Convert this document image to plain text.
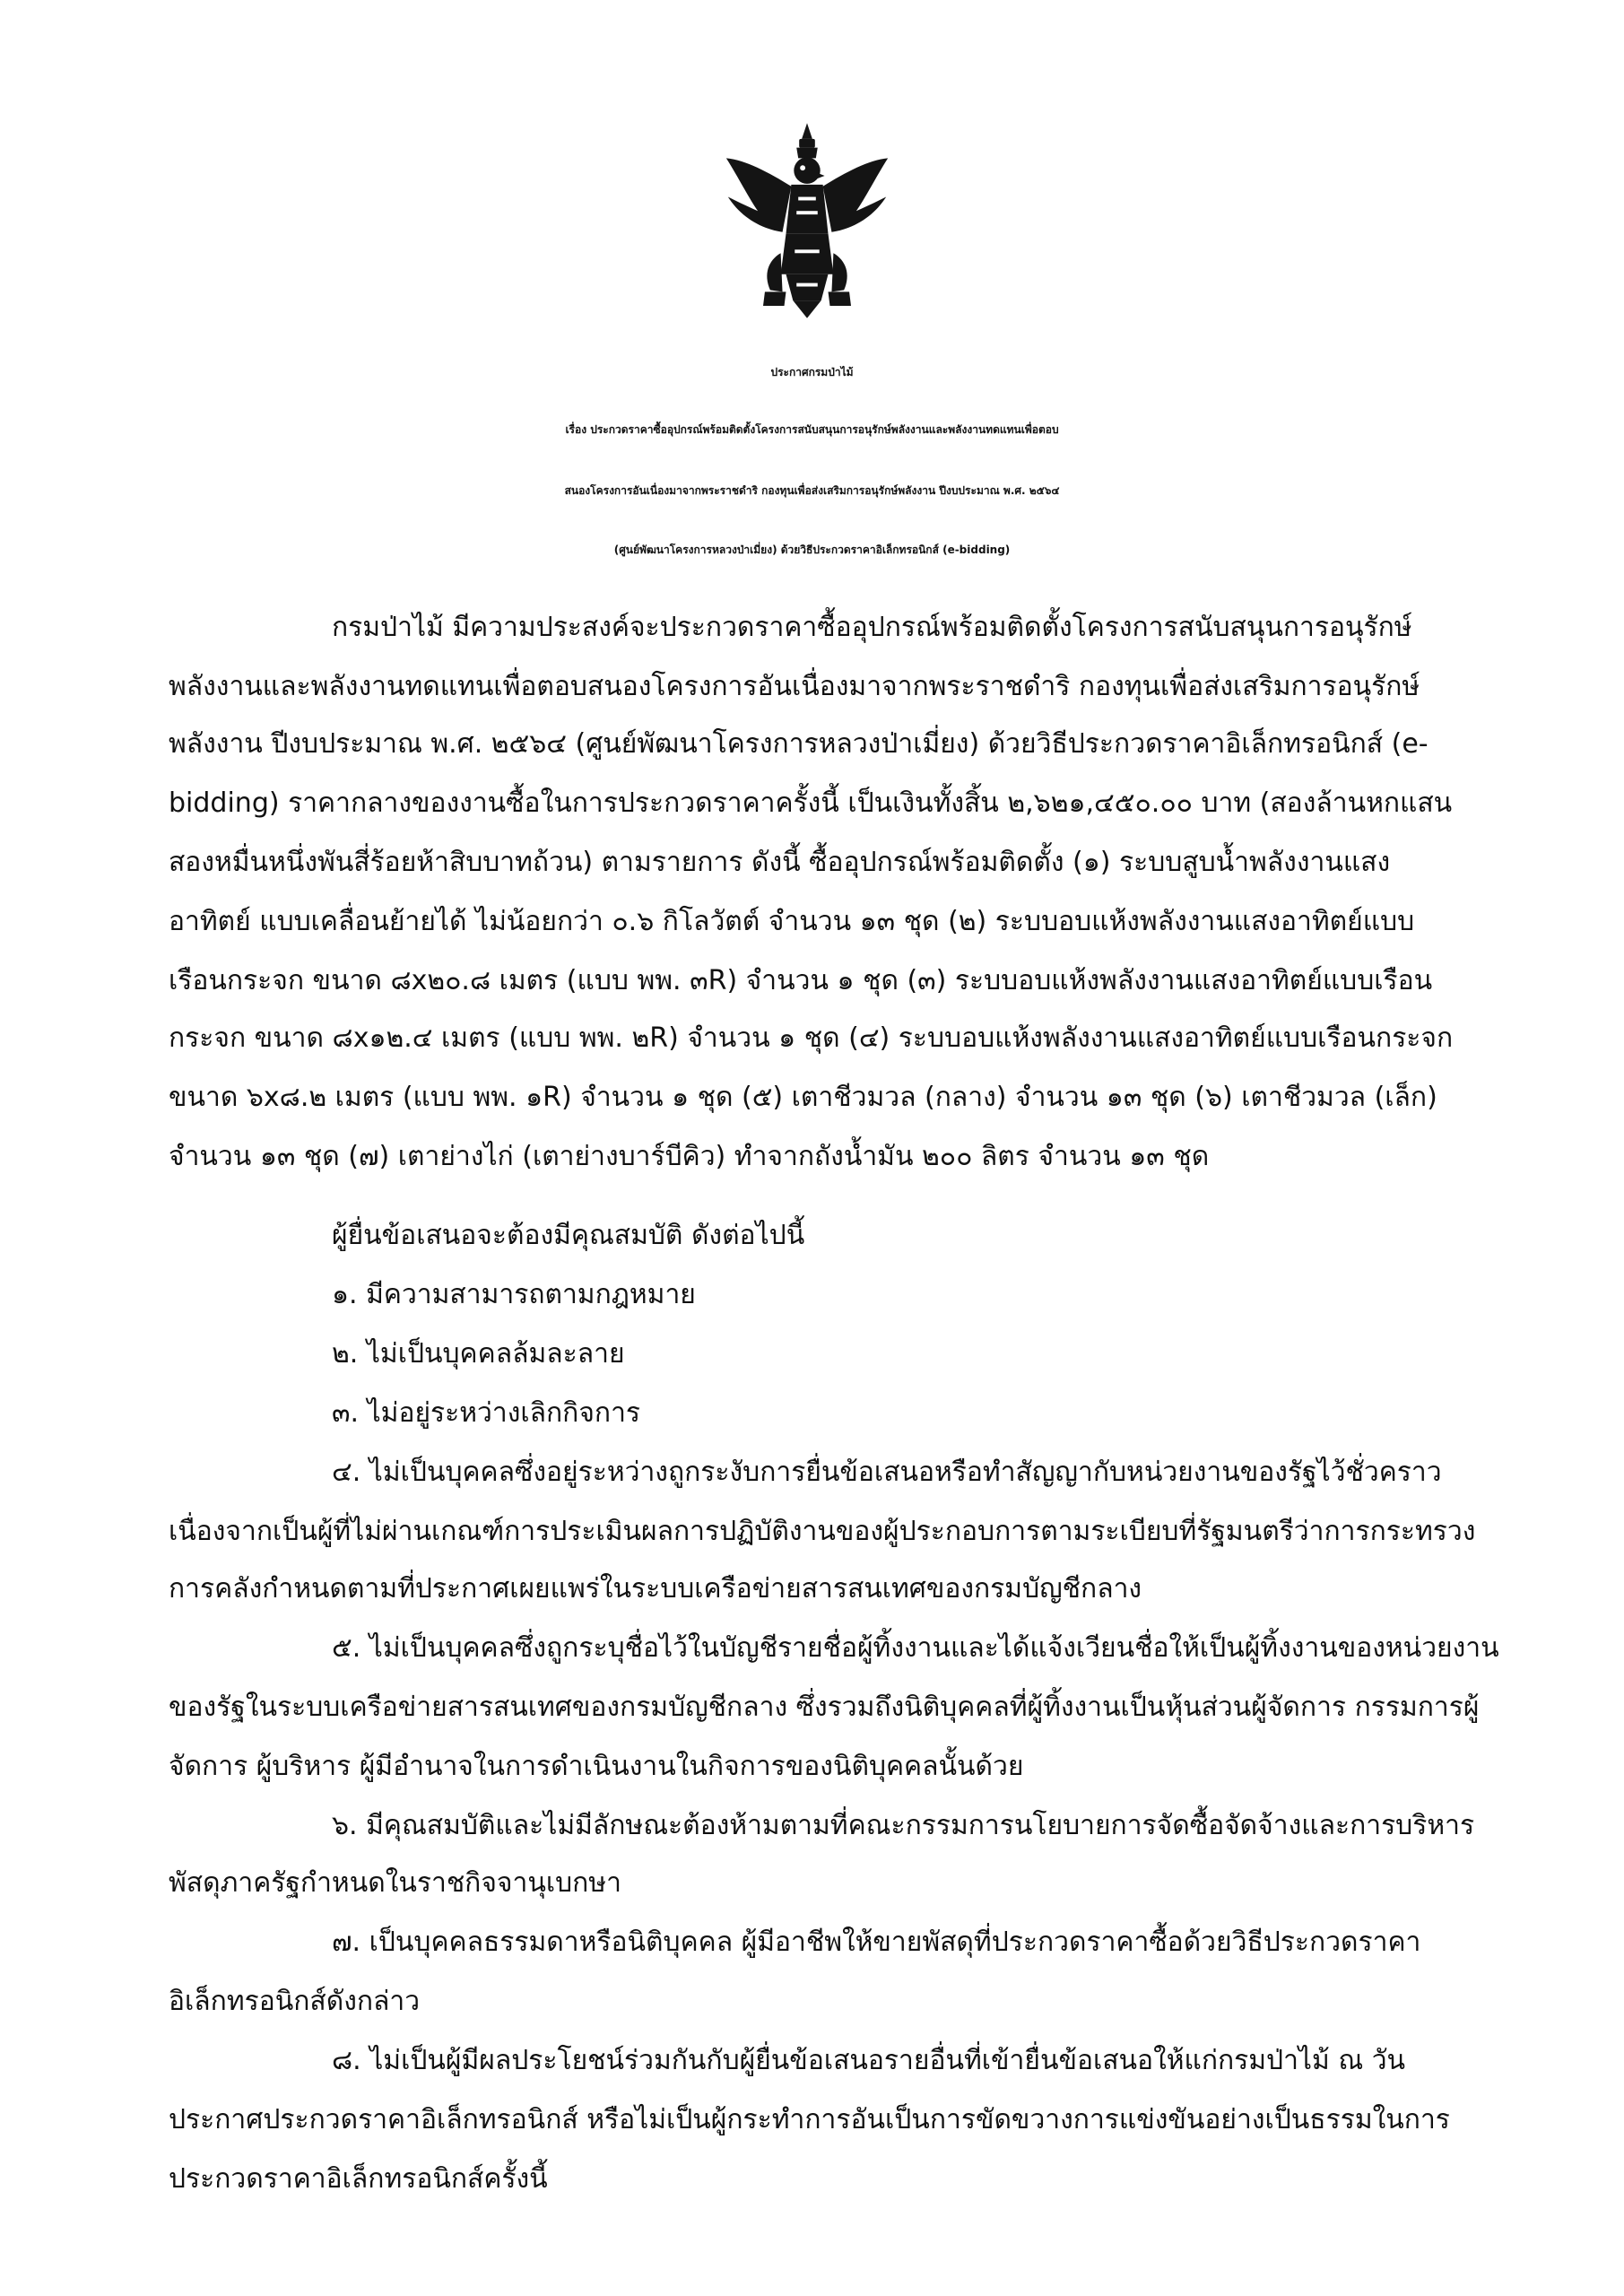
ประกาศกรมป่าไม้
เรื่อง ประกวดราคาซื้ออุปกรณ์พร้อมติดตั้งโครงการสนับสนุนการอนุรักษ์พลังงานและพลังงานทดแทนเพื่อตอบ
สนองโครงการอันเนื่องมาจากพระราชดำริ กองทุนเพื่อส่งเสริมการอนุรักษ์พลังงาน ปีงบประมาณ พ.ศ. ๒๕๖๔
(ศูนย์พัฒนาโครงการหลวงป่าเมี่ยง) ด้วยวิธีประกวดราคาอิเล็กทรอนิกส์ (e-bidding)
กรมป่าไม้ มีความประสงค์จะประกวดราคาซื้ออุปกรณ์พร้อมติดตั้งโครงการสนับสนุนการอนุรักษ์
พลังงานและพลังงานทดแทนเพื่อตอบสนองโครงการอันเนื่องมาจากพระราชดำริ กองทุนเพื่อส่งเสริมการอนุรักษ์
พลังงาน ปีงบประมาณ พ.ศ. ๒๕๖๔ (ศูนย์พัฒนาโครงการหลวงป่าเมี่ยง) ด้วยวิธีประกวดราคาอิเล็กทรอนิกส์ (e-
bidding) ราคากลางของงานซื้อในการประกวดราคาครั้งนี้ เป็นเงินทั้งสิ้น ๒,๖๒๑,๔๕๐.๐๐ บาท (สองล้านหกแสน
สองหมื่นหนึ่งพันสี่ร้อยห้าสิบบาทถ้วน) ตามรายการ ดังนี้ ซื้ออุปกรณ์พร้อมติดตั้ง (๑) ระบบสูบน้ำพลังงานแสง
อาทิตย์ แบบเคลื่อนย้ายได้ ไม่น้อยกว่า ๐.๖ กิโลวัตต์ จำนวน ๑๓ ชุด (๒) ระบบอบแห้งพลังงานแสงอาทิตย์แบบ
เรือนกระจก ขนาด ๘x๒๐.๘ เมตร (แบบ พพ. ๓R) จำนวน ๑ ชุด (๓) ระบบอบแห้งพลังงานแสงอาทิตย์แบบเรือน
กระจก ขนาด ๘x๑๒.๔ เมตร (แบบ พพ. ๒R) จำนวน ๑ ชุด (๔) ระบบอบแห้งพลังงานแสงอาทิตย์แบบเรือนกระจก
ขนาด ๖x๘.๒ เมตร (แบบ พพ. ๑R) จำนวน ๑ ชุด (๕) เตาชีวมวล (กลาง) จำนวน ๑๓ ชุด (๖) เตาชีวมวล (เล็ก)
จำนวน ๑๓ ชุด (๗) เตาย่างไก่ (เตาย่างบาร์บีคิว) ทำจากถังน้ำมัน ๒๐๐ ลิตร จำนวน ๑๓ ชุด
ผู้ยื่นข้อเสนอจะต้องมีคุณสมบัติ ดังต่อไปนี้
๑. มีความสามารถตามกฎหมาย
๒. ไม่เป็นบุคคลล้มละลาย
๓. ไม่อยู่ระหว่างเลิกกิจการ
๔. ไม่เป็นบุคคลซึ่งอยู่ระหว่างถูกระงับการยื่นข้อเสนอหรือทำสัญญากับหน่วยงานของรัฐไว้ชั่วคราว
เนื่องจากเป็นผู้ที่ไม่ผ่านเกณฑ์การประเมินผลการปฏิบัติงานของผู้ประกอบการตามระเบียบที่รัฐมนตรีว่าการกระทรวง
การคลังกำหนดตามที่ประกาศเผยแพร่ในระบบเครือข่ายสารสนเทศของกรมบัญชีกลาง
๕. ไม่เป็นบุคคลซึ่งถูกระบุชื่อไว้ในบัญชีรายชื่อผู้ทิ้งงานและได้แจ้งเวียนชื่อให้เป็นผู้ทิ้งงานของหน่วยงาน
ของรัฐในระบบเครือข่ายสารสนเทศของกรมบัญชีกลาง ซึ่งรวมถึงนิติบุคคลที่ผู้ทิ้งงานเป็นหุ้นส่วนผู้จัดการ กรรมการผู้
จัดการ ผู้บริหาร ผู้มีอำนาจในการดำเนินงานในกิจการของนิติบุคคลนั้นด้วย
๖. มีคุณสมบัติและไม่มีลักษณะต้องห้ามตามที่คณะกรรมการนโยบายการจัดซื้อจัดจ้างและการบริหาร
พัสดุภาครัฐกำหนดในราชกิจจานุเบกษา
๗. เป็นบุคคลธรรมดาหรือนิติบุคคล ผู้มีอาชีพให้ขายพัสดุที่ประกวดราคาซื้อด้วยวิธีประกวดราคา
อิเล็กทรอนิกส์ดังกล่าว
๘. ไม่เป็นผู้มีผลประโยชน์ร่วมกันกับผู้ยื่นข้อเสนอรายอื่นที่เข้ายื่นข้อเสนอให้แก่กรมป่าไม้ ณ วัน
ประกาศประกวดราคาอิเล็กทรอนิกส์ หรือไม่เป็นผู้กระทำการอันเป็นการขัดขวางการแข่งขันอย่างเป็นธรรมในการ
ประกวดราคาอิเล็กทรอนิกส์ครั้งนี้
